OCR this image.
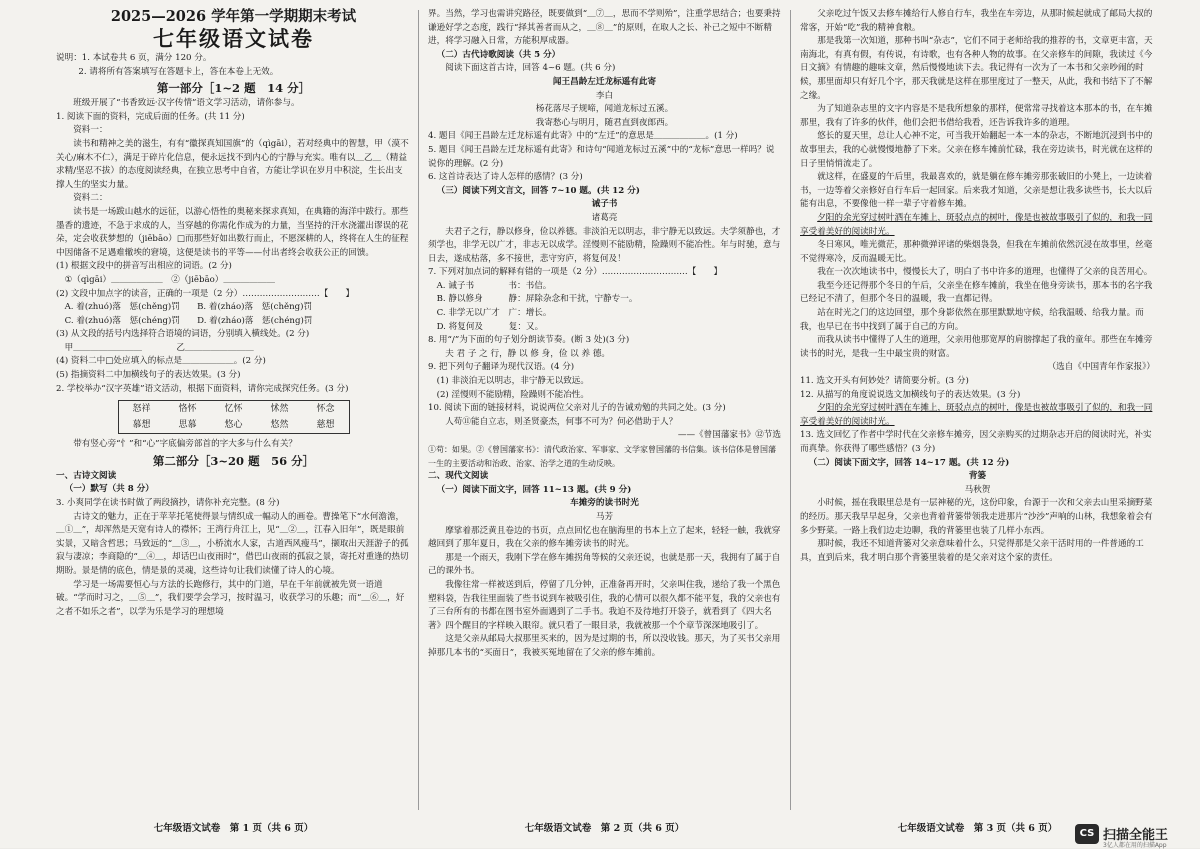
2025—2026 学年第一学期期末考试
七年级语文试卷
说明：1. 本试卷共 6 页，满分 120 分。
2. 请将所有答案填写在答题卡上，答在本卷上无效。
第一部分［1~2 题　14 分］
班级开展了“书香致远·汉字传情”语文学习活动，请你参与。
1. 阅读下面的资料，完成后面的任务。(共 11 分)
资料一：
读书和精神之美的滋生，有有“徽探真知国旗”的（qìgāi），若对经典中的智慧，甲（漠不关心/麻木不仁），满足于碎片化信息，便永远找不到内心的宁静与充实。唯有以＿乙＿（精益求精/坚忍不拔）的态度阅读经典，在独立思考中自省，方能让学识在岁月中积淀，生长出支撑人生的坚实力量。
资料二：
读书是一场跋山越水的远征，以游心悟性的奥秘来探求真知，在典籍的海洋中跋行。那些墨香的遗迹，不急于求成的人，当穿越的你需化作成为的力量，当坚持的汗水浇灌出谬误的花朵，定会收获梦想的（jiēbāo）□而那些好如出数行而止，不愿深耕的人，终将在人生的征程中因储备不足遇难辙埃的窘境，这便是读书的平等——付出者终会收获公正的回馈。
(1) 根据文段中的拼音写出相应的词语。(2 分)
①（qìgāi）＿＿＿＿＿＿　②（jiēbāo）＿＿＿＿＿＿
(2) 文段中加点字的读音，正确的一项是（2 分）………………………【　　】
A. 着(zhuó)落　惩(chěng)罚　　B. 着(zháo)落　惩(chěng)罚
C. 着(zhuó)落　惩(chéng)罚　　D. 着(zháo)落　惩(chéng)罚
(3) 从文段的括号内选择符合语境的词语，分别填入横线处。(2 分)
甲＿＿＿＿＿＿＿＿　　　　乙＿＿＿＿＿＿＿＿
(4) 资料二中□处应填入的标点是＿＿＿＿＿＿。(2 分)
(5) 指摘资料二中加横线句子的表达效果。(3 分)
2. 学校举办“汉字英雄”语文活动，根据下面资料，请你完成探究任务。(3 分)
怒祥	恪怀	忆怀	怵然	怀念
慕想	思慕	悠心	悠然	慈想
带有竖心旁“忄”和“心”字底偏旁部首的字大多与什么有关？
第二部分［3~20 题　56 分］
一、古诗文阅读
（一）默写（共 8 分）
3. 小爽同学在读书时做了两段摘抄，请你补充完整。(8 分)
古诗文的魅力，正在于苹苹托笔使得景与情织成一幅动人的画卷。曹操笔下“水何澹澹，＿①＿”，却浑然是天宽有诗人的襟怀；王湾行舟江上，见“＿②＿，江春入旧年”，既是眼前实景，又暗含哲思；马致远的“＿③＿，小桥流水人家，古道西风瘦马”，撷取出天涯游子的孤寂与凄凉；李商隐的“＿④＿，却话巴山夜雨时”，借巴山夜雨的孤寂之景，寄托对重逢的热切期盼。景是情的底色，情是景的灵魂，这些诗句让我们读懂了诗人的心境。
学习是一场需要恒心与方法的长跑修行，其中的门道，早在千年前就被先贤一语道破。“学而时习之，＿⑤＿”，我们要学会学习，按时温习，收获学习的乐趣；而“＿⑥＿，好之者不如乐之者”，以学为乐是学习的理想境
界。当然，学习也需讲究路径，既要做到“＿⑦＿，思而不学则殆”，注重学思结合；也要秉持谦逊好学之态度，践行“择其善者而从之，＿⑧＿”的原则，在取人之长、补己之短中不断精进，将学习融入日常，方能积厚成器。
（二）古代诗歌阅读（共 5 分）
阅读下面这首古诗，回答 4~6 题。(共 6 分)
闻王昌龄左迁龙标遥有此寄
李白
杨花落尽子规啼，闻道龙标过五溪。
我寄愁心与明月，随君直到夜郎西。
4. 题目《闻王昌龄左迁龙标遥有此寄》中的“左迁”的意思是＿＿＿＿＿＿。(1 分)
5. 题目《闻王昌龄左迁龙标遥有此寄》和诗句“闻道龙标过五溪”中的“龙标”意思一样吗？说说你的理解。(2 分)
6. 这首诗表达了诗人怎样的感情？(3 分)
（三）阅读下列文言文，回答 7~10 题。(共 12 分)
诫子书
诸葛亮
夫君子之行，静以修身，俭以养德。非淡泊无以明志，非宁静无以致远。夫学须静也，才须学也，非学无以广才，非志无以成学。淫慢则不能励精，险躁则不能冶性。年与时驰，意与日去，遂成枯落，多不接世，悲守穷庐，将复何及！
7. 下列对加点词的解释有错的一项是（2 分）…………………………【　　】
A. 诫子书　　　　书：书信。
B. 静以修身　　　静：屏除杂念和干扰，宁静专一。
C. 非学无以广才　广：增长。
D. 将复何及　　　复：又。
8. 用“/”为下面的句子划分朗读节奏。(断 3 处)(3 分)
夫 君 子 之 行，静 以 修 身，俭 以 养 德。
9. 把下列句子翻译为现代汉语。(4 分)
(1) 非淡泊无以明志，非宁静无以致远。
(2) 淫慢则不能励精，险躁则不能冶性。
10. 阅读下面的链接材料，说说两位父亲对儿子的告诫劝勉的共同之处。(3 分)
人苟⑪能自立志，则圣贤豪杰，何事不可为？何必借助于人？
——《曾国藩家书》⑫节选
①苟：如果。②《曾国藩家书》：清代政治家、军事家、文学家曾国藩的书信集。该书信体是曾国藩一生的主要活动和治政、治家、治学之道的生动反映。
二、现代文阅读
（一）阅读下面文字，回答 11~13 题。(共 9 分)
车摊旁的读书时光
马芳
摩挲着那泛黄且卷边的书页，点点回忆也在脑海里的书本上立了起来，轻轻一触，我就穿越回到了那年夏日，我在父亲的修车摊旁读书的时光。
那是一个雨天，我刚下学在修车摊拐角等候的父亲还说，也就是那一天，我拥有了属于自己的课外书。
我像往常一样被送到后，停留了几分钟，正准备再开时，父亲叫住我，递给了我一个黑色塑料袋，告我往里面装了些书说到车被吸引住，我的心情可以很久都不能平复，我的父亲也有了三台所有的书都在图书室外面遇到了二手书。我迫不及待地打开袋子，就看到了《四大名著》四个醒目的字样映入眼帘。就只看了一眼目录，我就被那一个个章节深深地吸引了。
这是父亲从邮局大叔那里买来的，因为是过期的书，所以没收钱。那天，为了买书父亲用掉那几本书的“买面日”，我被买冤地留在了父亲的修车摊前。
父亲吃过午饭又去修车摊给行人修自行车，我坐在车旁边，从那时候起就成了邮局大叔的常客，开始“吃”我的精神食粮。
那是我第一次知道，那种书叫“杂志”，它们不同于老师给我的推荐的书，文章更丰富，天南海北，有真有假，有传说，有诗歌，也有各种人物的故事。在父亲修车的间隙，我读过《今日文摘》有情趣的趣味文章，然后慢慢地读下去。我记得有一次为了一本书和父亲吵闹的时候，那里面却只有好几个字，那天我就是这样在那里度过了一整天，从此，我和书结下了不解之缘。
为了知道杂志里的文字内容是不是我所想象的那样，便常常寻找着这本那本的书，在车摊那里，我有了许多的伙伴，他们会把书借给我看，还告诉我许多的道理。
悠长的夏天里，总让人心神不定，可当我开始翻起一本一本的杂志，不断地沉浸到书中的故事里去，我的心就慢慢地静了下来。父亲在修车摊前忙碌，我在旁边读书，时光就在这样的日子里悄悄流走了。
就这样，在盛夏的午后里，我最喜欢的，就是躺在修车摊旁那张破旧的小凳上，一边读着书，一边等着父亲修好自行车后一起回家。后来我才知道，父亲是想让我多读些书，长大以后能有出息，不要像他一样一辈子守着修车摊。
夕阳的余光穿过树叶洒在车摊上，斑驳点点的树叶，像是也被故事吸引了似的，和我一同享受着美好的阅读时光。
冬日寒风，唯光微茫，那种微弹评诸的柴烟袅袅，但我在车摊前依然沉浸在故事里，丝毫不觉得寒冷，反而温暖无比。
我在一次次地读书中，慢慢长大了，明白了书中许多的道理，也懂得了父亲的良苦用心。
我至今还记得那个冬日的午后，父亲坐在修车摊前，我坐在他身旁读书，那本书的名字我已经记不清了，但那个冬日的温暖，我一直都记得。
站在时光之门的这边回望，那个身影依然在那里默默地守候，给我温暖、给我力量。而我，也早已在书中找到了属于自己的方向。
而我从读书中懂得了人生的道理，父亲用他那宽厚的肩膀撑起了我的童年。那些在车摊旁读书的时光，是我一生中最宝贵的财富。
（选自《中国青年作家报》）
11. 选文开头有何妙处？请简要分析。(3 分)
12. 从描写的角度说说选文加横线句子的表达效果。(3 分)
夕阳的余光穿过树叶洒在车摊上，斑驳点点的树叶，像是也被故事吸引了似的，和我一同享受着美好的阅读时光。
13. 选文回忆了作者中学时代在父亲修车摊旁，因父亲购买的过期杂志开启的阅读时光，补实而真挚。你获得了哪些感悟？(3 分)
（二）阅读下面文字，回答 14~17 题。(共 12 分)
背篓
马秋贺
小时候，摇在我眼里总是有一层神秘的光，这份印象，台源于一次和父亲去山里采摘野菜的经历。那天我早早起身，父亲也背着背篓带领我走进那片“沙沙”声响的山林，我想象着会有多少野菜。一路上我们边走边聊，我的背篓里也装了几样小东西。
那时候，我还不知道背篓对父亲意味着什么，只觉得那是父亲干活时用的一件普通的工具，直到后来，我才明白那个背篓里装着的是父亲对这个家的责任。
七年级语文试卷　第 1 页（共 6 页）	七年级语文试卷　第 2 页（共 6 页）	七年级语文试卷　第 3 页（共 6 页）	CS 扫描全能王
3亿人都在用的扫描App
